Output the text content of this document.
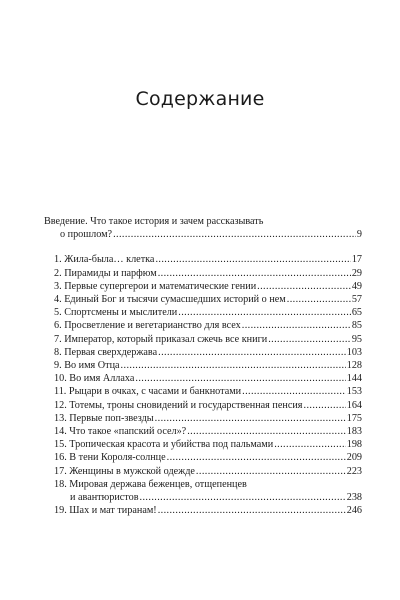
Содержание
Введение. Что такое история и зачем рассказывать
о прошлом? .....	9
1. Жила-была… клетка .....	17
2. Пирамиды и парфюм .....	29
3. Первые супергерои и математические гении .....	49
4. Единый Бог и тысячи сумасшедших историй о нем .....	57
5. Спортсмены и мыслители .....	65
6. Просветление и вегетарианство для всех .....	85
7. Император, который приказал сжечь все книги .....	95
8. Первая сверхдержава .....	103
9. Во имя Отца .....	128
10. Во имя Аллаха .....	144
11. Рыцари в очках, с часами и банкнотами .....	153
12. Тотемы, троны сновидений и государственная пенсия .....	164
13. Первые поп-звезды .....	175
14. Что такое «папский осел»? .....	183
15. Тропическая красота и убийства под пальмами .....	198
16. В тени Короля-солнце .....	209
17. Женщины в мужской одежде .....	223
18. Мировая держава беженцев, отщепенцев
и авантюристов .....	238
19. Шах и мат тиранам! .....	246
